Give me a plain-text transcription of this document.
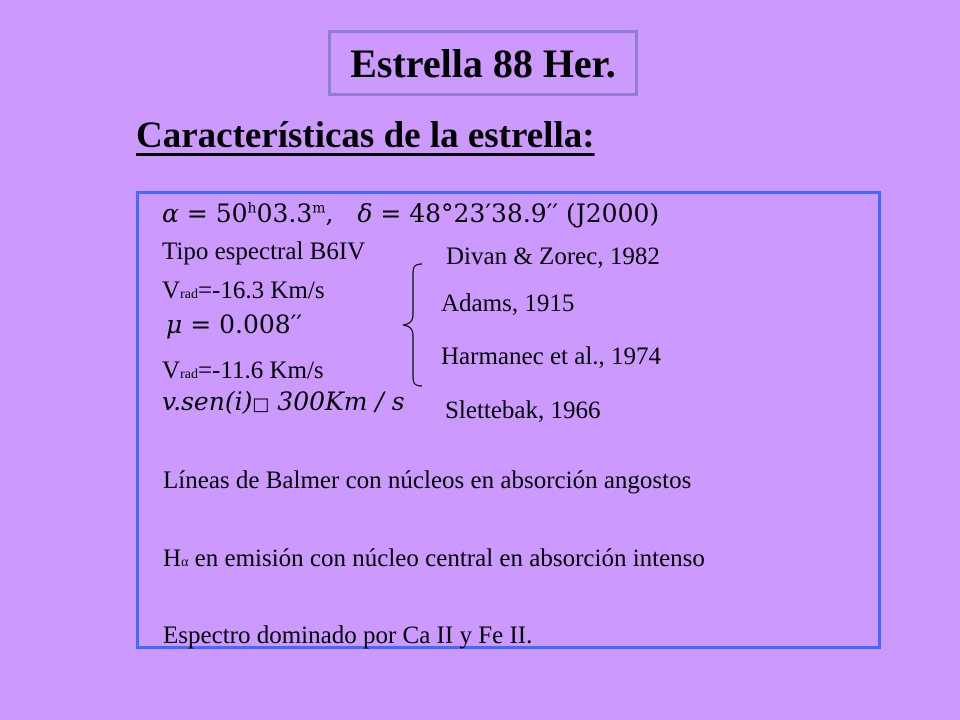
Estrella 88 Her.
Características de la estrella:
$\alpha = 50^h03.3^m$, δ = 48°23′38.9′′ (J2000)
Tipo espectral B6IV	Divan & Zorec, 1982
Vrad=-16.3 Km/s	Adams, 1915
μ = 0.008′′
Harmanec et al., 1974
Vrad=-11.6 Km/s
v.sen(i)□ 300Km / s Slettebak, 1966
Líneas de Balmer con núcleos en absorción angostos
Hα en emisión con núcleo central en absorción intenso
Espectro dominado por Ca II y Fe II.
